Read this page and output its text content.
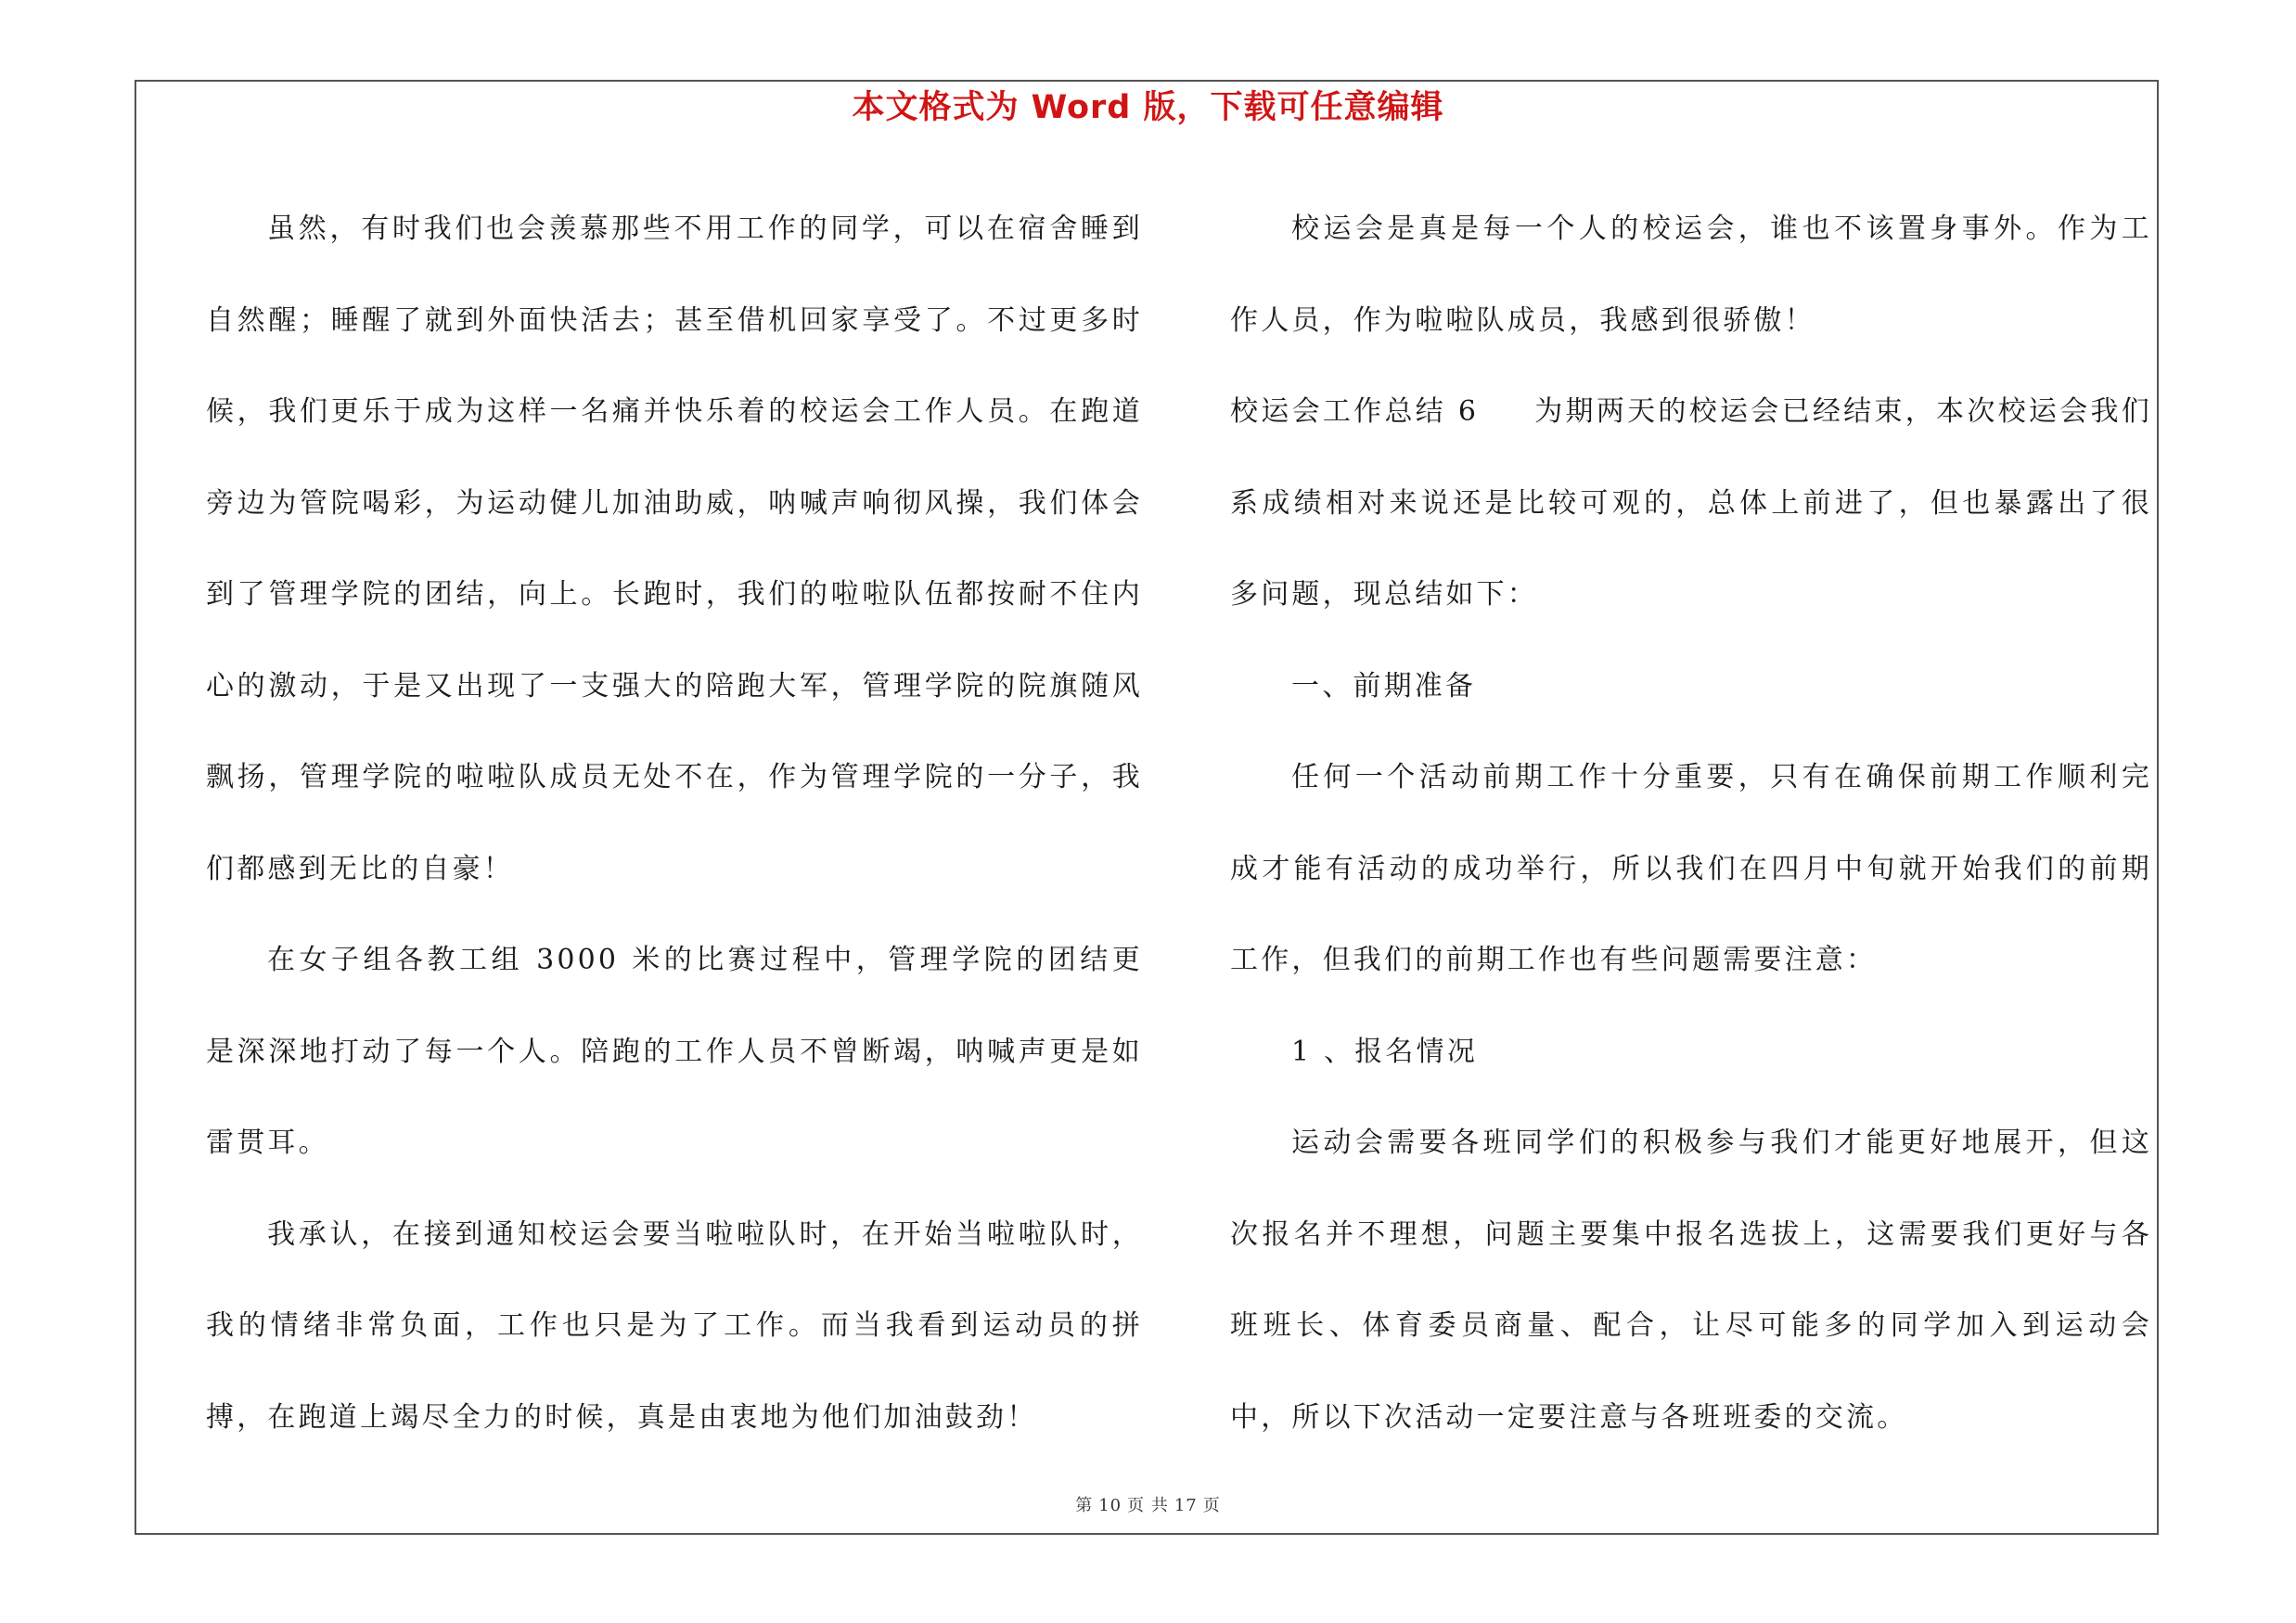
本文格式为 Word 版，下载可任意编辑

虽然，有时我们也会羡慕那些不用工作的同学，可以在宿舍睡到自然醒；睡醒了就到外面快活去；甚至借机回家享受了。不过更多时候，我们更乐于成为这样一名痛并快乐着的校运会工作人员。在跑道旁边为管院喝彩，为运动健儿加油助威，呐喊声响彻风操，我们体会到了管理学院的团结，向上。长跑时，我们的啦啦队伍都按耐不住内心的激动，于是又出现了一支强大的陪跑大军，管理学院的院旗随风飘扬，管理学院的啦啦队成员无处不在，作为管理学院的一分子，我们都感到无比的自豪！

在女子组各教工组 3000 米的比赛过程中，管理学院的团结更是深深地打动了每一个人。陪跑的工作人员不曾断竭，呐喊声更是如雷贯耳。

我承认，在接到通知校运会要当啦啦队时，在开始当啦啦队时，我的情绪非常负面，工作也只是为了工作。而当我看到运动员的拼搏，在跑道上竭尽全力的时候，真是由衷地为他们加油鼓劲！

校运会是真是每一个人的校运会，谁也不该置身事外。作为工作人员，作为啦啦队成员，我感到很骄傲！

校运会工作总结 6 为期两天的校运会已经结束，本次校运会我们系成绩相对来说还是比较可观的，总体上前进了，但也暴露出了很多问题，现总结如下：

一、前期准备

任何一个活动前期工作十分重要，只有在确保前期工作顺利完成才能有活动的成功举行，所以我们在四月中旬就开始我们的前期工作，但我们的前期工作也有些问题需要注意：

1 、报名情况

运动会需要各班同学们的积极参与我们才能更好地展开，但这次报名并不理想，问题主要集中报名选拔上，这需要我们更好与各班班长、体育委员商量、配合，让尽可能多的同学加入到运动会中，所以下次活动一定要注意与各班班委的交流。

第 10 页 共 17 页
